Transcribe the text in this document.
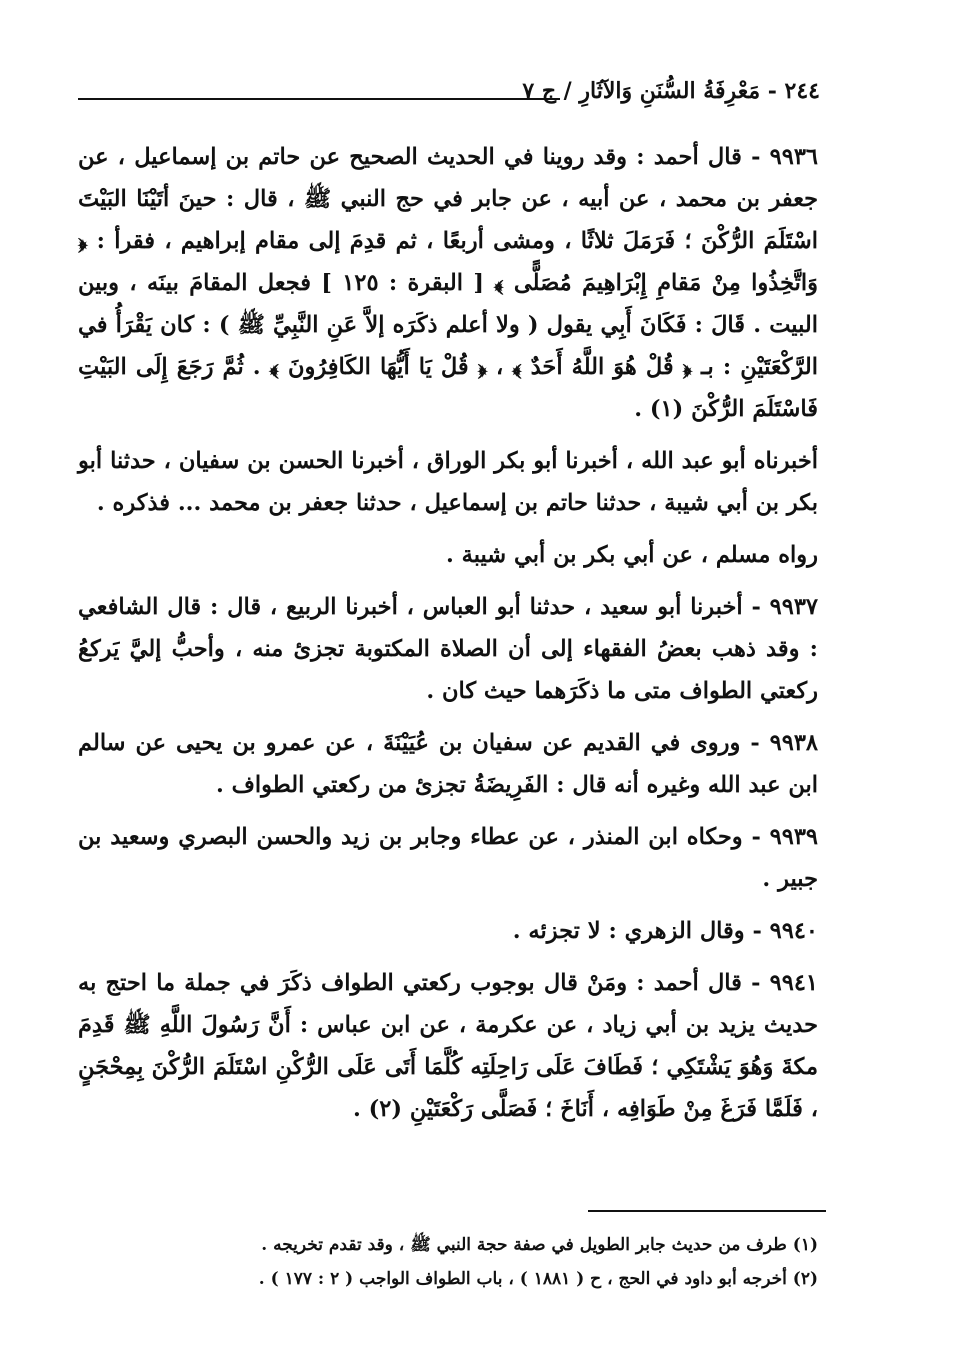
٢٤٤ - مَعْرِفَةُ السُّنَنِ وَالآثَارِ / ج ٧

٩٩٣٦ - قال أحمد : وقد روينا في الحديث الصحيح عن حاتم بن إسماعيل ، عن جعفر بن محمد ، عن أبيه ، عن جابر في حج النبي ﷺ ، قال : حينَ أتَيْنَا البَيْتَ اسْتَلَمَ الرُّكْنَ ؛ فَرَمَلَ ثلاثًا ، ومشى أربعًا ، ثم قدِمَ إلى مقام إبراهيم ، فقرأ : ﴿ وَاتَّخِذُوا مِنْ مَقامِ إِبْرَاهِيمَ مُصَلًّى ﴾ [ البقرة : ١٢٥ ] فجعل المقامَ بينَه ، وبين البيت . قَالَ : فَكَانَ أَبِي يقول ( ولا أعلم ذكَرَه إلاَّ عَنِ النَّبِيِّ ﷺ ) : كان يَقْرَأُ في الرَّكْعَتَيْنِ : بـ ﴿ قُلْ هُوَ اللَّهُ أَحَدٌ ﴾ ، ﴿ قُلْ يَا أَيُّهَا الكَافِرُونَ ﴾ . ثُمَّ رَجَعَ إِلَى البَيْتِ فَاسْتَلَمَ الرُّكْنَ (١) .

أخبرناه أبو عبد الله ، أخبرنا أبو بكر الوراق ، أخبرنا الحسن بن سفيان ، حدثنا أبو بكر بن أبي شيبة ، حدثنا حاتم بن إسماعيل ، حدثنا جعفر بن محمد ... فذكره .

رواه مسلم ، عن أبي بكر بن أبي شيبة .

٩٩٣٧ - أخبرنا أبو سعيد ، حدثنا أبو العباس ، أخبرنا الربيع ، قال : قال الشافعي : وقد ذهب بعضُ الفقهاء إلى أن الصلاة المكتوبة تجزئ منه ، وأحبُّ إليَّ يَركعُ ركعتي الطواف متى ما ذكَرَهما حيث كان .

٩٩٣٨ - وروى في القديم عن سفيان بن عُيَيْنَةَ ، عن عمرو بن يحيى عن سالم ابن عبد الله وغيره أنه قال : الفَرِيضَةُ تجزئ من ركعتي الطواف .

٩٩٣٩ - وحكاه ابن المنذر ، عن عطاء وجابر بن زيد والحسن البصري وسعيد بن جبير .

٩٩٤٠ - وقال الزهري : لا تجزئه .

٩٩٤١ - قال أحمد : ومَنْ قال بوجوب ركعتي الطواف ذكَرَ في جملة ما احتج به حديث يزيد بن أبي زياد ، عن عكرمة ، عن ابن عباس : أَنَّ رَسُولَ اللَّهِ ﷺ قَدِمَ مكةَ وَهُوَ يَشْتَكِي ؛ فَطَافَ عَلَى رَاحِلَتِه كُلَّمَا أَتَى عَلَى الرُّكْنِ اسْتَلَمَ الرُّكْنَ بِمِحْجَنٍ ، فَلَمَّا فَرَغَ مِنْ طَوَافِه ، أَنَاخَ ؛ فَصَلَّى رَكْعَتَيْنِ (٢) .

(١) طرف من حديث جابر الطويل في صفة حجة النبي ﷺ ، وقد تقدم تخريجه .

(٢) أخرجه أبو داود في الحج ، ح ( ١٨٨١ ) ، باب الطواف الواجب ( ٢ : ١٧٧ ) .
